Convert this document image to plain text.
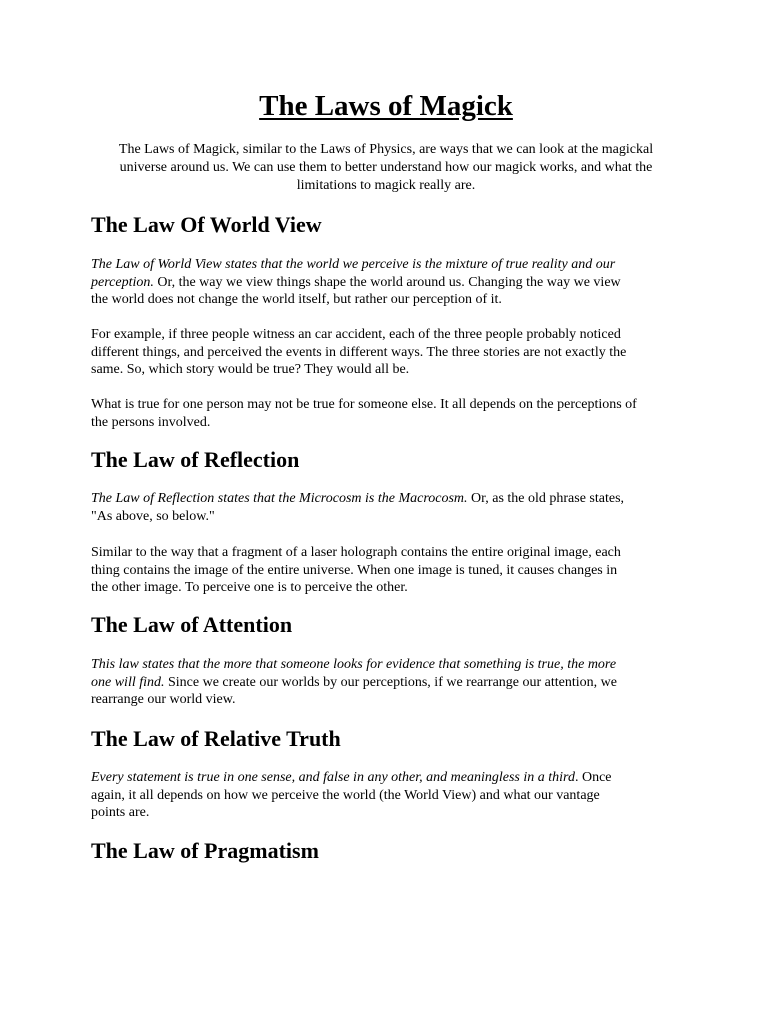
The Laws of Magick
The Laws of Magick, similar to the Laws of Physics, are ways that we can look at the magickal
universe around us. We can use them to better understand how our magick works, and what the
limitations to magick really are.
The Law Of World View

The Law of World View states that the world we perceive is the mixture of true reality and our
perception. Or, the way we view things shape the world around us. Changing the way we view
the world does not change the world itself, but rather our perception of it.

For example, if three people witness an car accident, each of the three people probably noticed
different things, and perceived the events in different ways. The three stories are not exactly the
same. So, which story would be true? They would all be.

What is true for one person may not be true for someone else. It all depends on the perceptions of
the persons involved.

The Law of Reflection

The Law of Reflection states that the Microcosm is the Macrocosm. Or, as the old phrase states,
"As above, so below."

Similar to the way that a fragment of a laser holograph contains the entire original image, each
thing contains the image of the entire universe. When one image is tuned, it causes changes in
the other image. To perceive one is to perceive the other.

The Law of Attention

This law states that the more that someone looks for evidence that something is true, the more
one will find. Since we create our worlds by our perceptions, if we rearrange our attention, we
rearrange our world view.

The Law of Relative Truth

Every statement is true in one sense, and false in any other, and meaningless in a third. Once
again, it all depends on how we perceive the world (the World View) and what our vantage
points are.

The Law of Pragmatism
